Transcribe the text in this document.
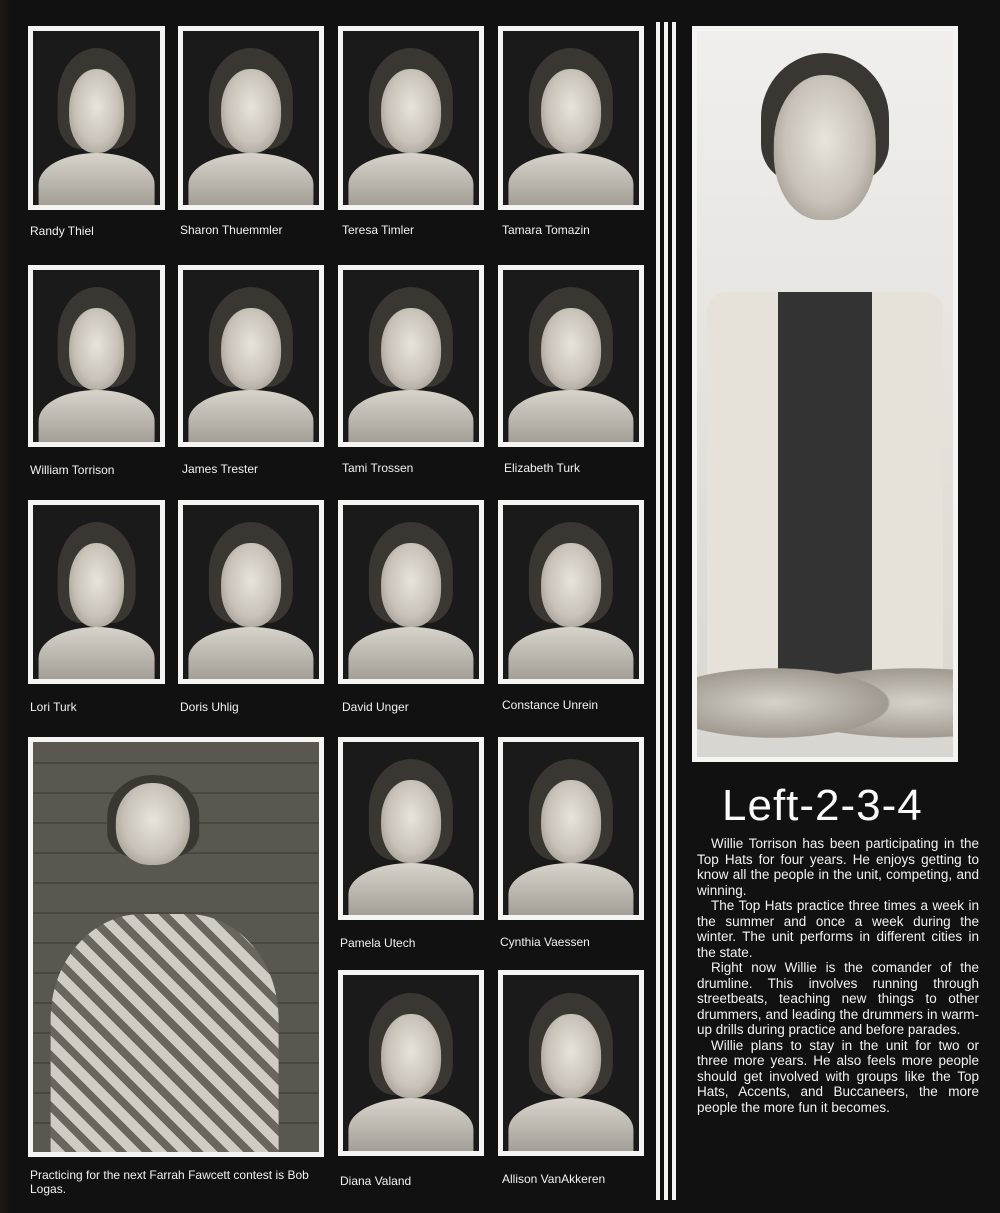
Randy Thiel	Sharon Thuemmler	Teresa Timler	Tamara Tomazin
William Torrison	James Trester	Tami Trossen	Elizabeth Turk
Lori Turk	Doris Uhlig	David Unger	Constance Unrein
Practicing for the next Farrah Fawcett contest is Bob Logas.
Pamela Utech	Cynthia Vaessen
Diana Valand	Allison VanAkkeren
Left-2-3-4

Willie Torrison has been participating in the Top Hats for four years. He enjoys getting to know all the people in the unit, competing, and winning.

The Top Hats practice three times a week in the summer and once a week during the winter. The unit performs in different cities in the state.

Right now Willie is the comander of the drumline. This involves running through streetbeats, teaching new things to other drummers, and leading the drummers in warm-up drills during practice and before parades.

Willie plans to stay in the unit for two or three more years. He also feels more people should get involved with groups like the Top Hats, Accents, and Buccaneers, the more people the more fun it becomes.
